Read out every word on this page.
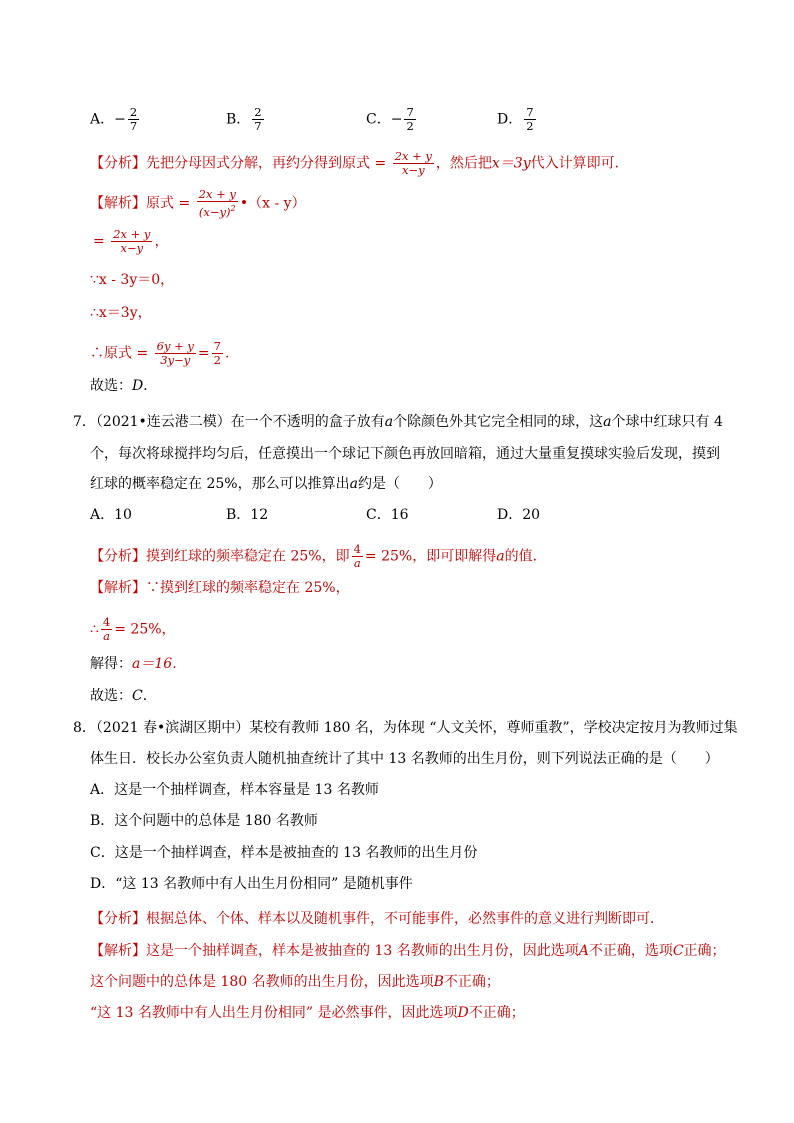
A．− $\frac{2}{7}$	B． $\frac{2}{7}$	C．− $\frac{7}{2}$	D． $\frac{7}{2}$
【分析】先把分母因式分解，再约分得到原式 = $\frac{2x + y}{x-y}$ ，然后把x＝3y代入计算即可．
【解析】原式 = $\frac{2x + y}{(x-y)^2}$ •（x - y）
= $\frac{2x + y}{x-y}$ ，
∵x - 3y＝0，
∴x＝3y，
∴原式 = $\frac{6y + y}{3y-y} = \frac{7}{2}$ ．
故选：D．
7．（2021•连云港二模）在一个不透明的盒子放有a个除颜色外其它完全相同的球，这a个球中红球只有 4
个，每次将球搅拌均匀后，任意摸出一个球记下颜色再放回暗箱，通过大量重复摸球实验后发现，摸到
红球的概率稳定在 25%，那么可以推算出a约是（　　）
A．10	B．12	C．16	D．20
【分析】摸到红球的频率稳定在 25%，即 $\frac{4}{a} = 25\%$，即可即解得a的值．
【解析】∵摸到红球的频率稳定在 25%，
∴ $\frac{4}{a} = 25\%$，
解得：a＝16．
故选：C．
8．（2021 春•滨湖区期中）某校有教师 180 名，为体现 “人文关怀，尊师重教”，学校决定按月为教师过集
体生日．校长办公室负责人随机抽查统计了其中 13 名教师的出生月份，则下列说法正确的是（　　）
A．这是一个抽样调查，样本容量是 13 名教师
B．这个问题中的总体是 180 名教师
C．这是一个抽样调查，样本是被抽查的 13 名教师的出生月份
D．“这 13 名教师中有人出生月份相同” 是随机事件
【分析】根据总体、个体、样本以及随机事件，不可能事件，必然事件的意义进行判断即可．
【解析】这是一个抽样调查，样本是被抽查的 13 名教师的出生月份，因此选项A不正确，选项C正确；
这个问题中的总体是 180 名教师的出生月份，因此选项B不正确；
“这 13 名教师中有人出生月份相同” 是必然事件，因此选项D不正确；
